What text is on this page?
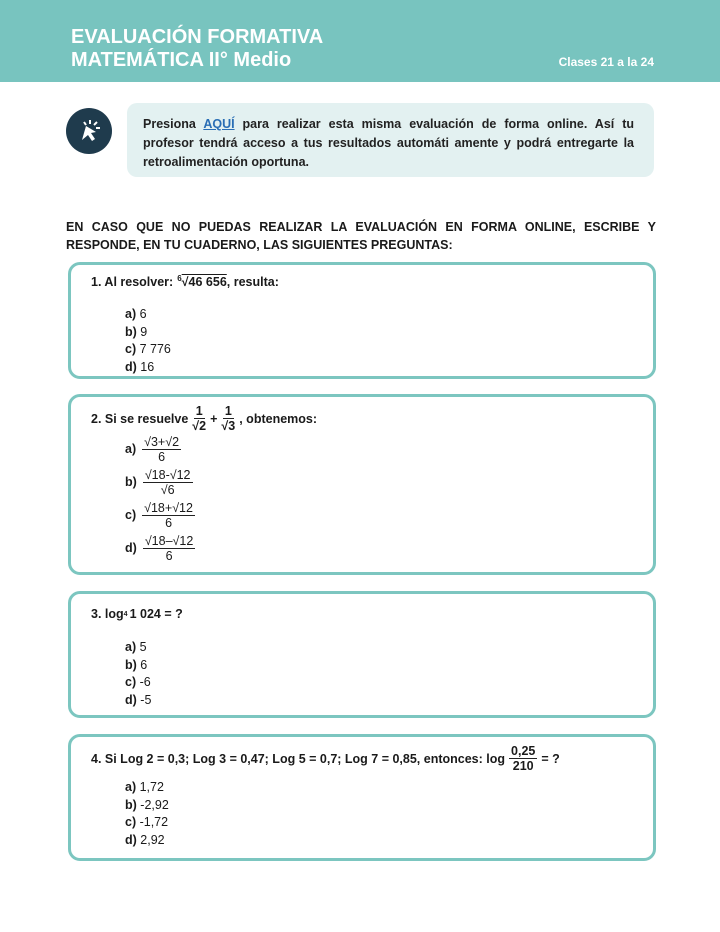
EVALUACIÓN FORMATIVA
MATEMÁTICA II° Medio	Clases 21 a la 24
Presiona AQUÍ para realizar esta misma evaluación de forma online. Así tu profesor tendrá acceso a tus resultados automáti amente y podrá entregarte la retroalimentación oportuna.
EN CASO QUE NO PUEDAS REALIZAR LA EVALUACIÓN EN FORMA ONLINE, ESCRIBE Y RESPONDE, EN TU CUADERNO, LAS SIGUIENTES PREGUNTAS:
1. Al resolver: $^6$√46 656 , resulta:
a) 6
b) 9
c) 7 776
d) 16
2. Si se resuelve $\frac{1}{√2} + \frac{1}{√3}$ , obtenemos:
a) √3+√2
6
b) √18-√12
√6
c) √18+√12
6
d) √18–√12
6
3. log 4 1 024 = ?
a) 5
b) 6
c) -6
d) -5
4. Si Log 2 = 0,3; Log 3 = 0,47; Log 5 = 0,7; Log 7 = 0,85, entonces: $\log \frac{0,25}{210}$ = ?
a) 1,72
b) -2,92
c) -1,72
d) 2,92
